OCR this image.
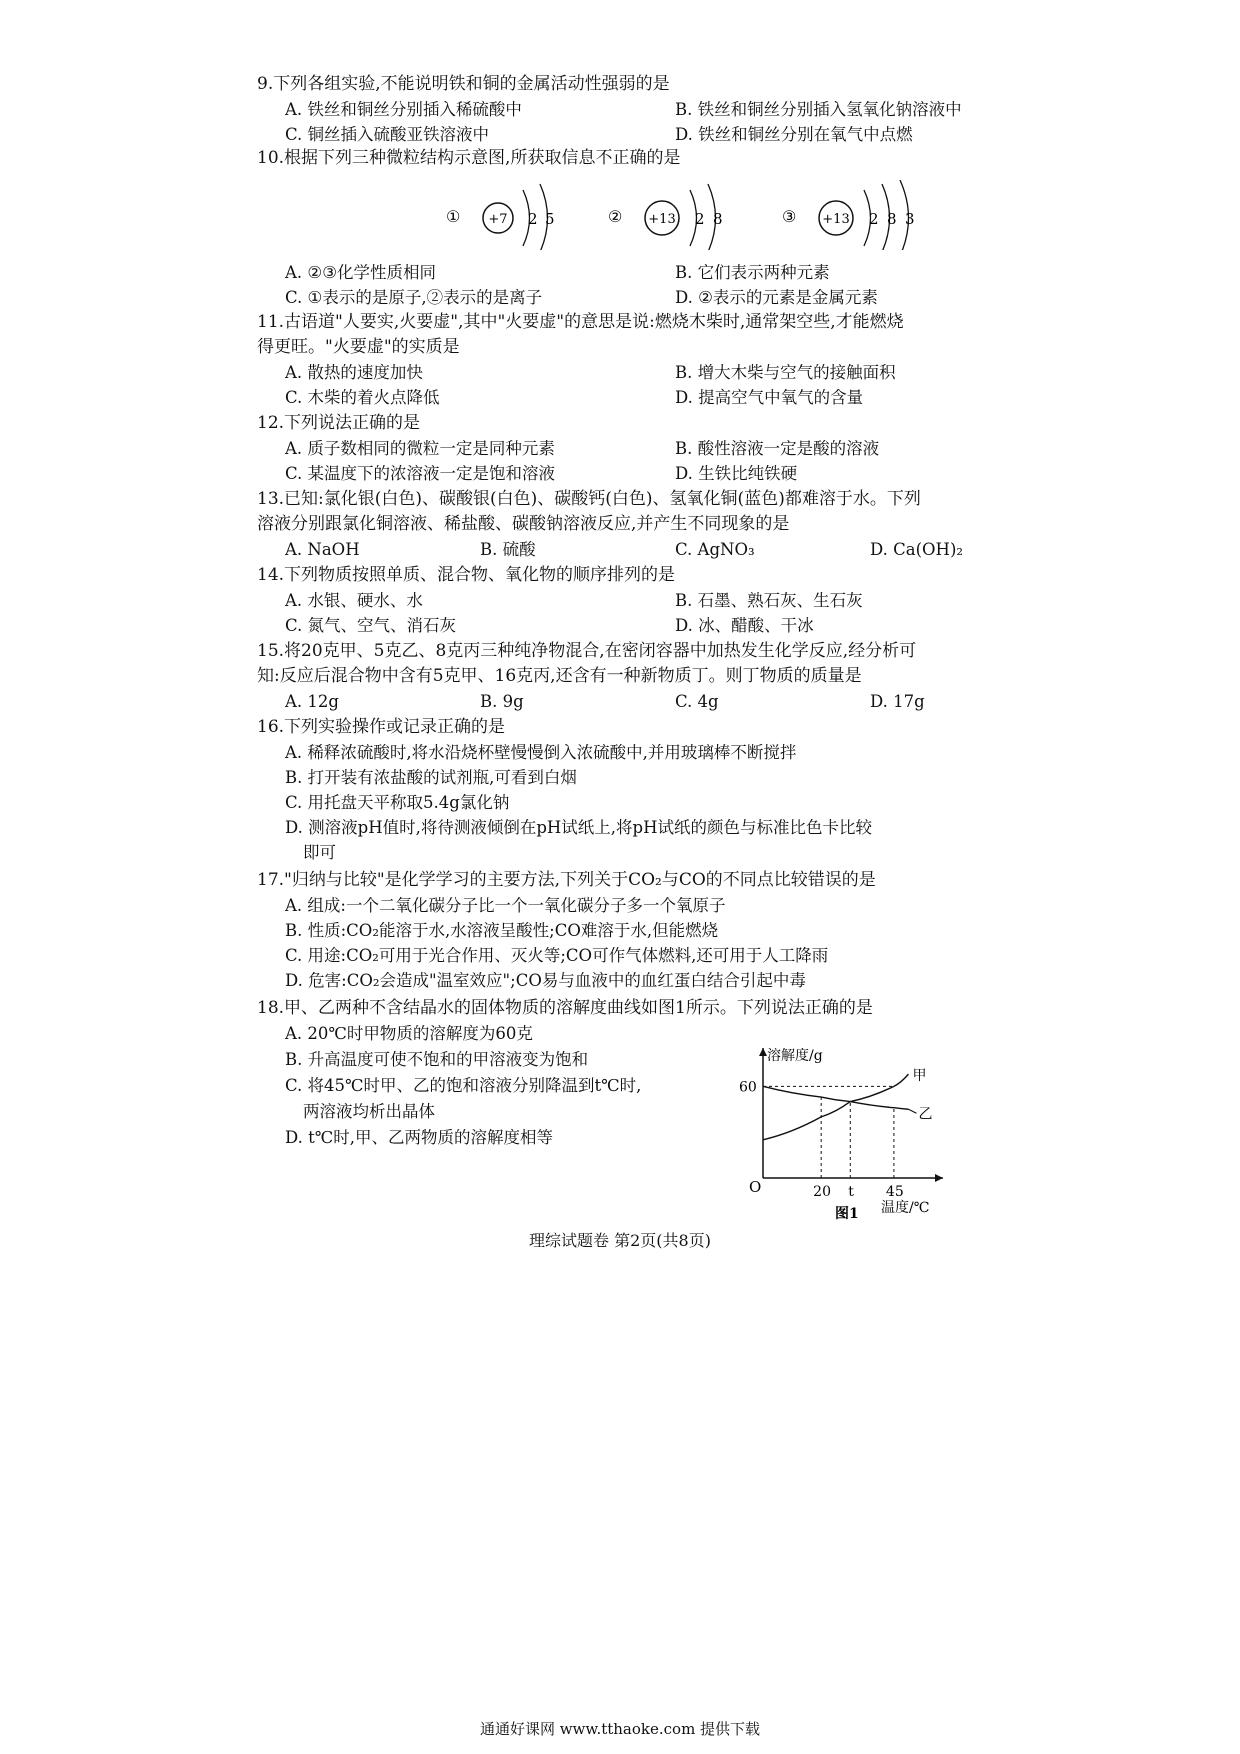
9.下列各组实验,不能说明铁和铜的金属活动性强弱的是

A. 铁丝和铜丝分别插入稀硫酸中	B. 铁丝和铜丝分别插入氢氧化钠溶液中
C. 铜丝插入硫酸亚铁溶液中	D. 铁丝和铜丝分别在氧气中点燃

10.根据下列三种微粒结构示意图,所获取信息不正确的是

① +7 2 5	② +13 2 8	③ +13 2 8 3
A. ②③化学性质相同	B. 它们表示两种元素
C. ①表示的是原子,②表示的是离子	D. ②表示的元素是金属元素

11.古语道"人要实,火要虚",其中"火要虚"的意思是说:燃烧木柴时,通常架空些,才能燃烧
得更旺。"火要虚"的实质是

A. 散热的速度加快	B. 增大木柴与空气的接触面积
C. 木柴的着火点降低	D. 提高空气中氧气的含量

12.下列说法正确的是

A. 质子数相同的微粒一定是同种元素	B. 酸性溶液一定是酸的溶液
C. 某温度下的浓溶液一定是饱和溶液	D. 生铁比纯铁硬

13.已知:氯化银(白色)、碳酸银(白色)、碳酸钙(白色)、氢氧化铜(蓝色)都难溶于水。下列
溶液分别跟氯化铜溶液、稀盐酸、碳酸钠溶液反应,并产生不同现象的是

A. NaOH	B. 硫酸	C. AgNO₃	D. Ca(OH)₂

14.下列物质按照单质、混合物、氧化物的顺序排列的是

A. 水银、硬水、水	B. 石墨、熟石灰、生石灰
C. 氮气、空气、消石灰	D. 冰、醋酸、干冰

15.将20克甲、5克乙、8克丙三种纯净物混合,在密闭容器中加热发生化学反应,经分析可
知:反应后混合物中含有5克甲、16克丙,还含有一种新物质丁。则丁物质的质量是

A. 12g	B. 9g	C. 4g	D. 17g

16.下列实验操作或记录正确的是

A. 稀释浓硫酸时,将水沿烧杯壁慢慢倒入浓硫酸中,并用玻璃棒不断搅拌
B. 打开装有浓盐酸的试剂瓶,可看到白烟
C. 用托盘天平称取5.4g氯化钠
D. 测溶液pH值时,将待测液倾倒在pH试纸上,将pH试纸的颜色与标准比色卡比较
即可

17."归纳与比较"是化学学习的主要方法,下列关于CO₂与CO的不同点比较错误的是

A. 组成:一个二氧化碳分子比一个一氧化碳分子多一个氧原子
B. 性质:CO₂能溶于水,水溶液呈酸性;CO难溶于水,但能燃烧
C. 用途:CO₂可用于光合作用、灭火等;CO可作气体燃料,还可用于人工降雨
D. 危害:CO₂会造成"温室效应";CO易与血液中的血红蛋白结合引起中毒

18.甲、乙两种不含结晶水的固体物质的溶解度曲线如图1所示。下列说法正确的是

A. 20℃时甲物质的溶解度为60克
B. 升高温度可使不饱和的甲溶液变为饱和
C. 将45℃时甲、乙的饱和溶液分别降温到t℃时,
两溶液均析出晶体
D. t℃时,甲、乙两物质的溶解度相等
O
溶解度/g
温度/℃
60
20 t 45
甲
乙
图1
理综试题卷 第2页(共8页)
通通好课网 www.tthaoke.com 提供下载
